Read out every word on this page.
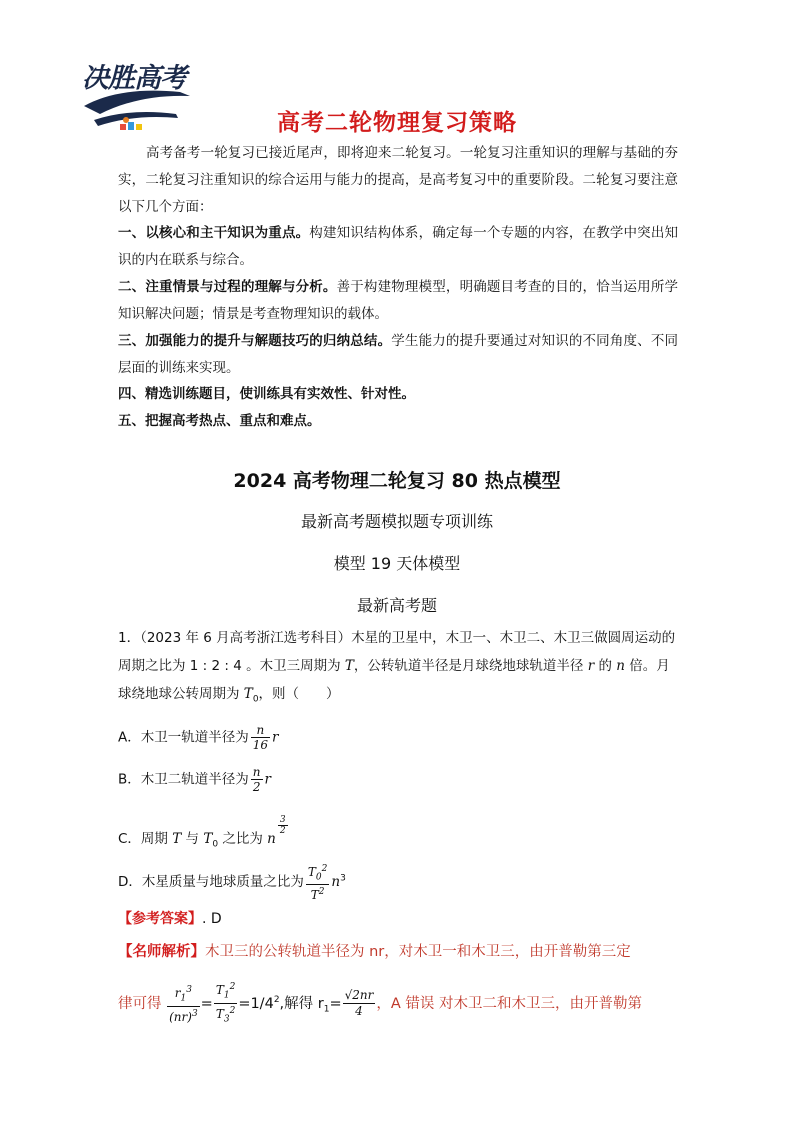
决胜高考
高考二轮物理复习策略
高考备考一轮复习已接近尾声，即将迎来二轮复习。一轮复习注重知识的理解与基础的夯实，二轮复习注重知识的综合运用与能力的提高，是高考复习中的重要阶段。二轮复习要注意以下几个方面：
一、以核心和主干知识为重点。构建知识结构体系，确定每一个专题的内容，在教学中突出知识的内在联系与综合。
二、注重情景与过程的理解与分析。善于构建物理模型，明确题目考查的目的，恰当运用所学知识解决问题；情景是考查物理知识的载体。
三、加强能力的提升与解题技巧的归纳总结。学生能力的提升要通过对知识的不同角度、不同层面的训练来实现。
四、精选训练题目，使训练具有实效性、针对性。
五、把握高考热点、重点和难点。
2024 高考物理二轮复习 80 热点模型
最新高考题模拟题专项训练
模型 19 天体模型
最新高考题
1．（2023 年 6 月高考浙江选考科目）木星的卫星中，木卫一、木卫二、木卫三做圆周运动的周期之比为 1 : 2 : 4 。木卫三周期为 T，公转轨道半径是月球绕地球轨道半径 r 的 n 倍。月球绕地球公转周期为 $T_0$，则（　　）
A．木卫一轨道半径为 $\frac{n}{16}$ r
B．木卫二轨道半径为 $\frac{n}{2}$ r
C．周期 T 与 $T_0$ 之比为 n
$\frac{3}{2}$
D．木星质量与地球质量之比为 $\frac{T_0^2}{T^2} n^3$
【参考答案】. D
【名师解析】木卫三的公转轨道半径为 nr，对木卫一和木卫三，由开普勒第三定
律可得 $\frac{r_1^3}{(nr)^3} = \frac{T_1^2}{T_3^2} =1/4^2$,解得 $r_1= \frac{√2nr}{4}$ ，A 错误 对木卫二和木卫三，由开普勒第
